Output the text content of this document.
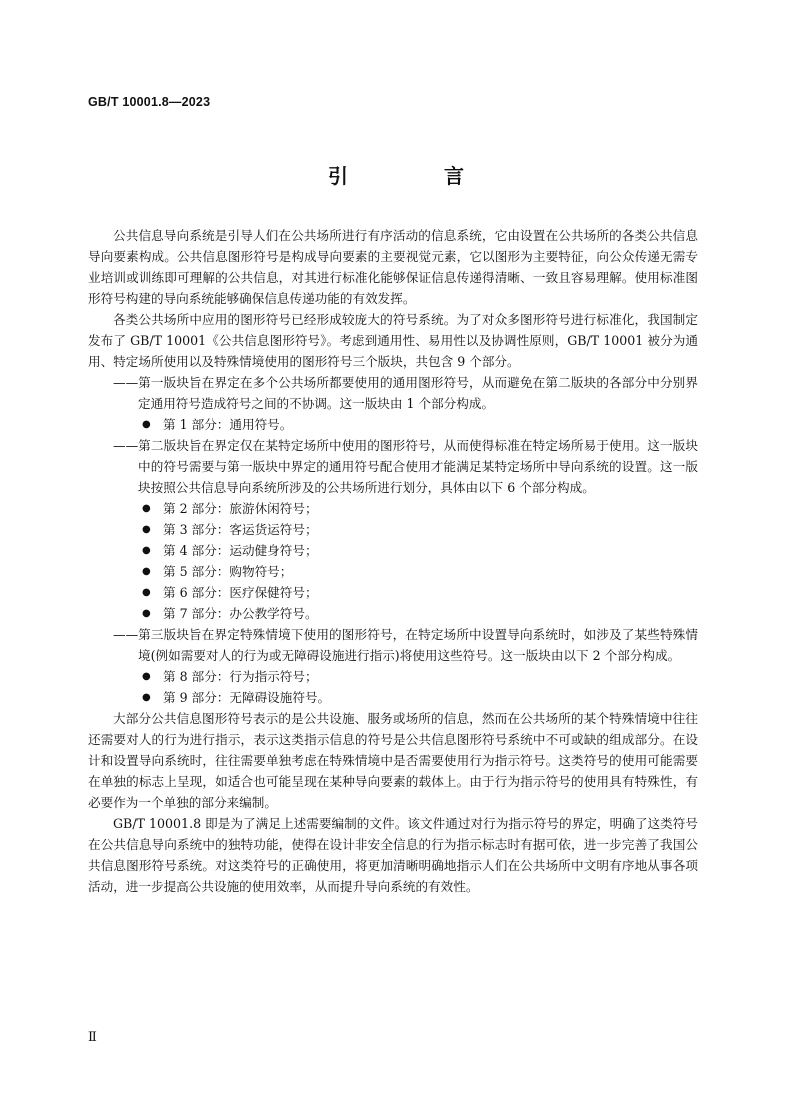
GB/T 10001.8—2023
引　言

公共信息导向系统是引导人们在公共场所进行有序活动的信息系统，它由设置在公共场所的各类公共信息导向要素构成。公共信息图形符号是构成导向要素的主要视觉元素，它以图形为主要特征，向公众传递无需专业培训或训练即可理解的公共信息，对其进行标准化能够保证信息传递得清晰、一致且容易理解。使用标准图形符号构建的导向系统能够确保信息传递功能的有效发挥。

各类公共场所中应用的图形符号已经形成较庞大的符号系统。为了对众多图形符号进行标准化，我国制定发布了 GB/T 10001《公共信息图形符号》。考虑到通用性、易用性以及协调性原则，GB/T 10001 被分为通用、特定场所使用以及特殊情境使用的图形符号三个版块，共包含 9 个部分。

——第一版块旨在界定在多个公共场所都要使用的通用图形符号，从而避免在第二版块的各部分中分别界定通用符号造成符号之间的不协调。这一版块由 1 个部分构成。
● 第 1 部分：通用符号。
——第二版块旨在界定仅在某特定场所中使用的图形符号，从而使得标准在特定场所易于使用。这一版块中的符号需要与第一版块中界定的通用符号配合使用才能满足某特定场所中导向系统的设置。这一版块按照公共信息导向系统所涉及的公共场所进行划分，具体由以下 6 个部分构成。
● 第 2 部分：旅游休闲符号；
● 第 3 部分：客运货运符号；
● 第 4 部分：运动健身符号；
● 第 5 部分：购物符号；
● 第 6 部分：医疗保健符号；
● 第 7 部分：办公教学符号。
——第三版块旨在界定特殊情境下使用的图形符号，在特定场所中设置导向系统时，如涉及了某些特殊情境(例如需要对人的行为或无障碍设施进行指示)将使用这些符号。这一版块由以下 2 个部分构成。
● 第 8 部分：行为指示符号；
● 第 9 部分：无障碍设施符号。

大部分公共信息图形符号表示的是公共设施、服务或场所的信息，然而在公共场所的某个特殊情境中往往还需要对人的行为进行指示，表示这类指示信息的符号是公共信息图形符号系统中不可或缺的组成部分。在设计和设置导向系统时，往往需要单独考虑在特殊情境中是否需要使用行为指示符号。这类符号的使用可能需要在单独的标志上呈现，如适合也可能呈现在某种导向要素的载体上。由于行为指示符号的使用具有特殊性，有必要作为一个单独的部分来编制。

GB/T 10001.8 即是为了满足上述需要编制的文件。该文件通过对行为指示符号的界定，明确了这类符号在公共信息导向系统中的独特功能，使得在设计非安全信息的行为指示标志时有据可依，进一步完善了我国公共信息图形符号系统。对这类符号的正确使用，将更加清晰明确地指示人们在公共场所中文明有序地从事各项活动，进一步提高公共设施的使用效率，从而提升导向系统的有效性。

Ⅱ
